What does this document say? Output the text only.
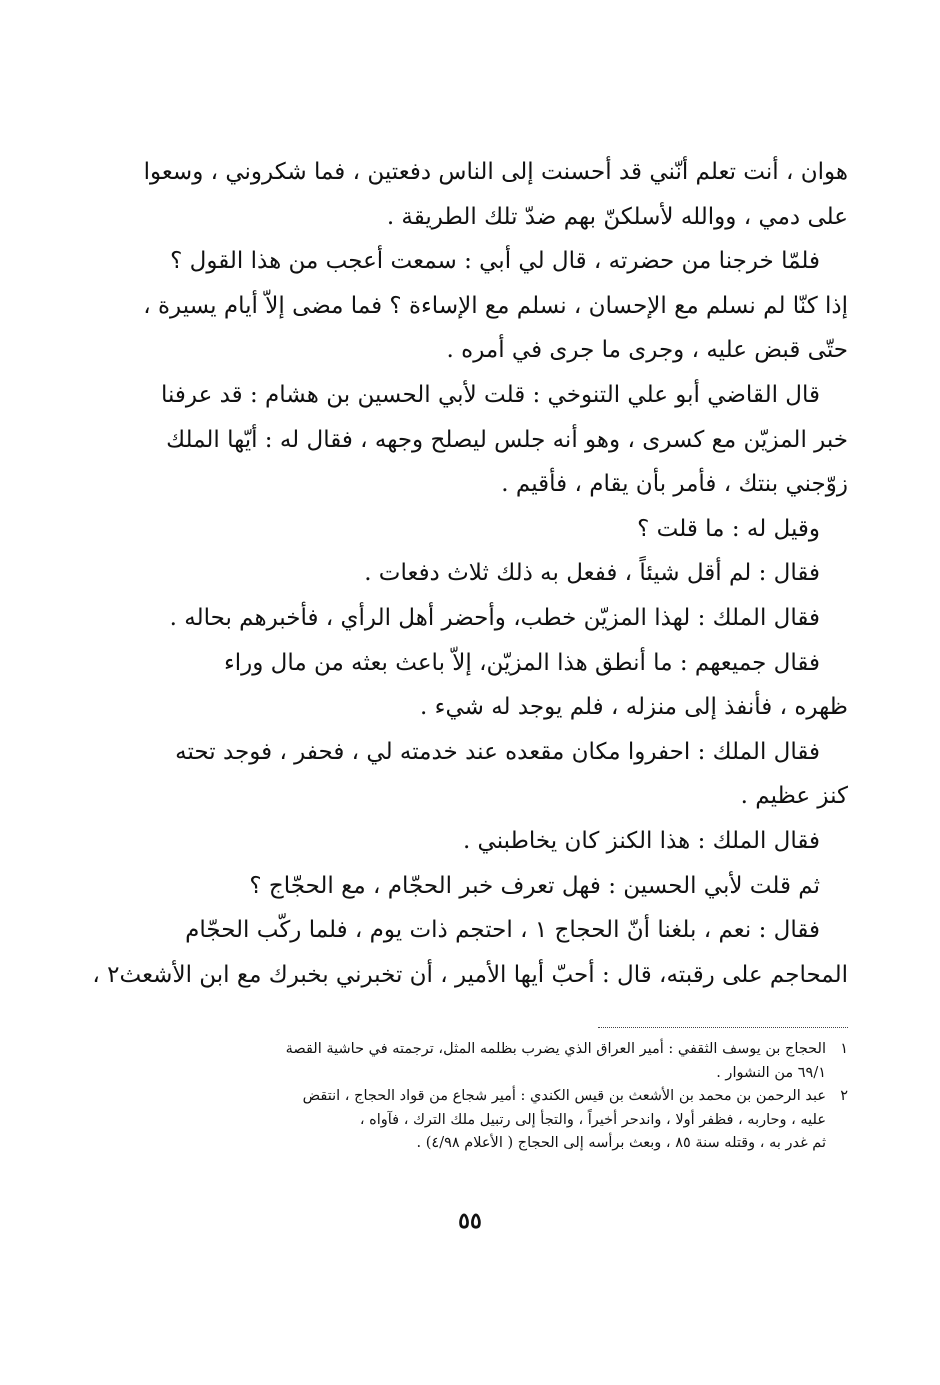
هوان ، أنت تعلم أنّني قد أحسنت إلى الناس دفعتين ، فما شكروني ، وسعوا
على دمي ، ووالله لأسلكنّ بهم ضدّ تلك الطريقة .
فلمّا خرجنا من حضرته ، قال لي أبي : سمعت أعجب من هذا القول ؟
إذا كنّا لم نسلم مع الإحسان ، نسلم مع الإساءة ؟ فما مضى إلاّ أيام يسيرة ،
حتّى قبض عليه ، وجرى ما جرى في أمره .
قال القاضي أبو علي التنوخي : قلت لأبي الحسين بن هشام : قد عرفنا
خبر المزيّن مع كسرى ، وهو أنه جلس ليصلح وجهه ، فقال له : أيّها الملك
زوّجني بنتك ، فأمر بأن يقام ، فأقيم .
وقيل له : ما قلت ؟
فقال : لم أقل شيئاً ، ففعل به ذلك ثلاث دفعات .
فقال الملك : لهذا المزيّن خطب، وأحضر أهل الرأي ، فأخبرهم بحاله .
فقال جميعهم : ما أنطق هذا المزيّن، إلاّ باعث بعثه من مال وراء
ظهره ، فأنفذ إلى منزله ، فلم يوجد له شيء .
فقال الملك : احفروا مكان مقعده عند خدمته لي ، فحفر ، فوجد تحته
كنز عظيم .
فقال الملك : هذا الكنز كان يخاطبني .
ثم قلت لأبي الحسين : فهل تعرف خبر الحجّام ، مع الحجّاج ؟
فقال : نعم ، بلغنا أنّ الحجاج ١ ، احتجم ذات يوم ، فلما ركّب الحجّام
المحاجم على رقبته، قال : أحبّ أيها الأمير ، أن تخبرني بخبرك مع ابن الأشعث٢ ،
١الحجاج بن يوسف الثقفي : أمير العراق الذي يضرب بظلمه المثل، ترجمته في حاشية القصة
٦٩/١ من النشوار .
٢عبد الرحمن بن محمد بن الأشعث بن قيس الكندي : أمير شجاع من قواد الحجاج ، انتقض
عليه ، وحاربه ، فظفر أولا ، واندحر أخيراً ، والتجأ إلى رتبيل ملك الترك ، فآواه ،
ثم غدر به ، وقتله سنة ٨٥ ، وبعث برأسه إلى الحجاج ( الأعلام ٤/٩٨) .
٥٥
